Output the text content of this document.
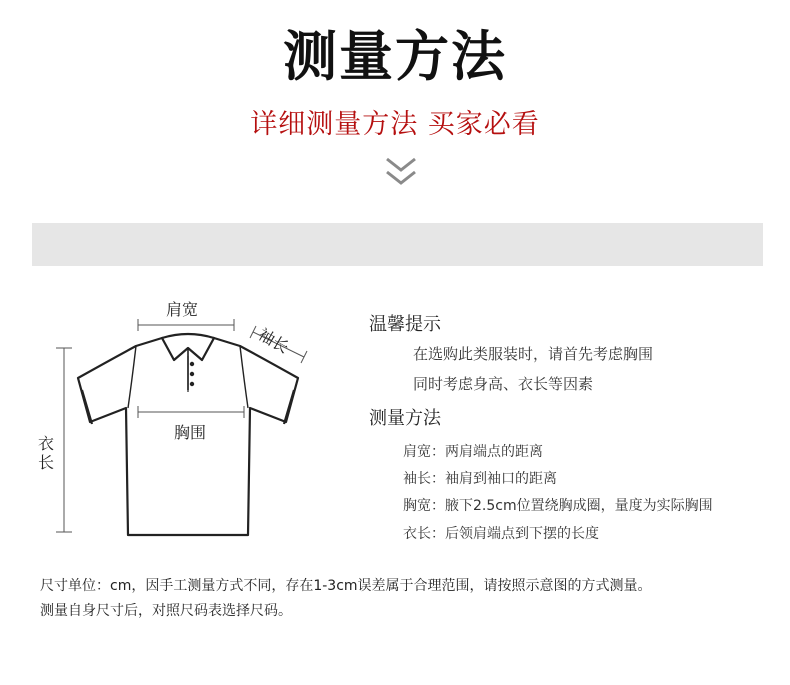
测量方法
详细测量方法 买家必看
肩宽
袖长
胸围
衣长
温馨提示
在选购此类服装时，请首先考虑胸围
同时考虑身高、衣长等因素
测量方法
肩宽：两肩端点的距离
袖长：袖肩到袖口的距离
胸宽：腋下2.5cm位置绕胸成圈，量度为实际胸围
衣长：后领肩端点到下摆的长度
尺寸单位：cm，因手工测量方式不同，存在1-3cm误差属于合理范围，请按照示意图的方式测量。
测量自身尺寸后，对照尺码表选择尺码。
